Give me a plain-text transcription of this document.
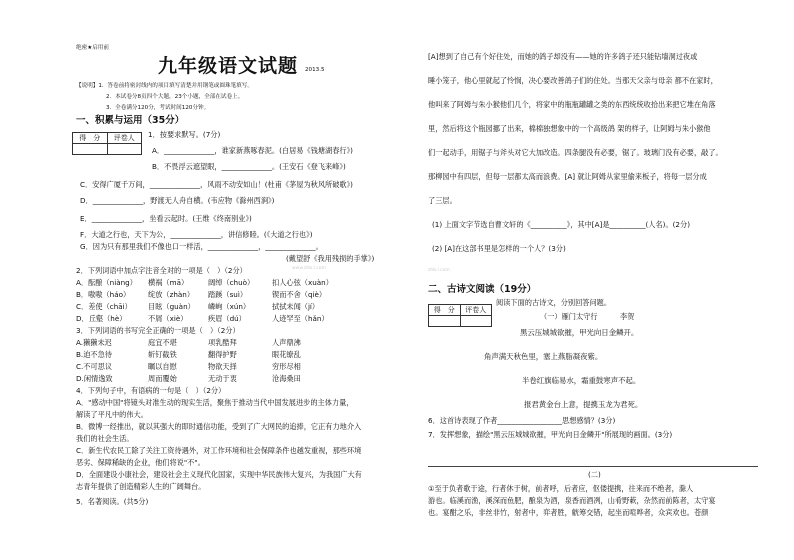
绝密★启用前
九年级语文试题 2013.5
【说明】1．答卷前将密封线内的项目填写清楚并用钢笔或圆珠笔填写。
2．本试卷分8页四个大题，23个小题，全部在试卷上。
3．全卷满分120分，考试时间120分钟。
一、积累与运用（35分）
得　分	评卷人
	1．按要求默写。(7分)
A．______________，谁家新燕啄春泥。(白居易《钱塘湖春行》)
B．不畏浮云遮望眼，______________。(王安石《登飞来峰》)
C．安得广厦千万间，______________，风雨不动安如山！(杜甫《茅屋为秋风所破歌》)
D．______________，野渡无人舟自横。(韦应物《滁州西涧》)
E．______________，坐看云起时。(王维《终南别业》)
F．大道之行也，天下为公，______________，讲信修睦。(《大道之行也》)
G．因为只有那里我们不像也口一样活，______________，______________。
(戴望舒《我用残损的手掌》)
2．下列词语中加点字注音全对的一项是（　）（2分）
A．酝酿（niàng） 横祸（mā）	阔绰（chuò） 扣人心弦（xuàn）
B．嗷嗷（háo） 绽放（zhàn） 踏蹊（suì）	锲而不舍（qiè）
C．差使（chāi） 目眩（guàn） 嶙峋（xún）	拭拭未闻（jí）
D．丘壑（hè）	不屑（xiè）	疾眉（dú）	人迹罕至（hǎn）
3．下列词语的书写完全正确的一项是（　）（2分）
A.獭獭未迟	庭宜不堪	项乳酷拜	人声鼎沸
B.迫不急待	斩钉截铁	翻得护野	眼花缭乱
C.不可思议	瞩以自慰	物欲天择	穷形尽相
D.闲情逸致	周而覆始	无动于衷	沧海桑田
4．下列句子中，有语病的一句是（　）（2分）
A．"感动中国"将镜头对准生动的现实生活，聚焦于推动当代中国发展进步的主体力量，
解读了平凡中的伟大。
B．微博一经推出，就以其强大的即时通信功能，受到了广大网民的追捧，它正有力地介入
我们的社会生活。
C．新生代农民工除了关注工资待遇外，对工作环境和社会保障条件也越发重视，那些环境
恶劣、保障稀缺的企业，他们将说"不"。
D．全面建设小康社会，建设社会主义现代化国家，实现中华民族伟大复兴，为我国广大有
志青年提供了创造精彩人生的广阔舞台。
5．名著阅读。(共5分)
www.zhb.l.com
[A]想到了自己有个好住处，而她的鸽子却没有——她的许多鸽子还只能钻墙洞过夜或
睡小笼子，他心里就起了怜悯，决心要改善鸽子们的住处。当那天父亲与母亲 都不在家时，
他叫来了阿姆与朱小猴他们几个，将家中的瓶瓶罐罐之类的东西统统收拾出来把它堆在角落
里，然后将这个瓶园挪了出来，棉棉独想象中的一个高级鸽 架的样子，让阿姆与朱小猴他
们一起动手，用锯子与斧头对它大加改造。四条腿没有必要，锯了。玻璃门没有必要，敲了。
那柳园中有四层，但每一层都太高而浪费。[A] 就让阿姆从家里偷来板子，将每一层分成
了三层。
(1) 上面文字节选自曹文轩的《__________》，其中[A]是__________(人名)。(2分)
(2) [A]在这部书里是怎样的一个人？(3分)
zhb.l.com
二、古诗文阅读（19分）
得　分	评卷人

阅读下面的古诗文，分别回答问题。
（一）雁门太守行	李贺
黑云压城城欲摧，甲光向日金鳞开。
角声满天秋色里，塞上燕脂凝夜紫。
半卷红旗临易水，霜重鼓寒声不起。
报君黄金台上意，提携玉龙为君死。
6．这首诗表现了作者__________________思想感情？(3分)
7．发挥想象，描绘"黑云压城城欲摧，甲光向日金鳞开"所展现的画面。(3分)
(二)
①至于负者歌于途，行者休于树，前者呼，后者应，伛偻提携，往来而不绝者，滁人
游也。临溪而渔，溪深而鱼肥，酿泉为酒，泉香而酒冽，山肴野蔌，杂然而前陈者，太守宴
也。宴酣之乐，非丝非竹，射者中，弈者胜，觥筹交错，起坐而喧哗者，众宾欢也。苍颜
